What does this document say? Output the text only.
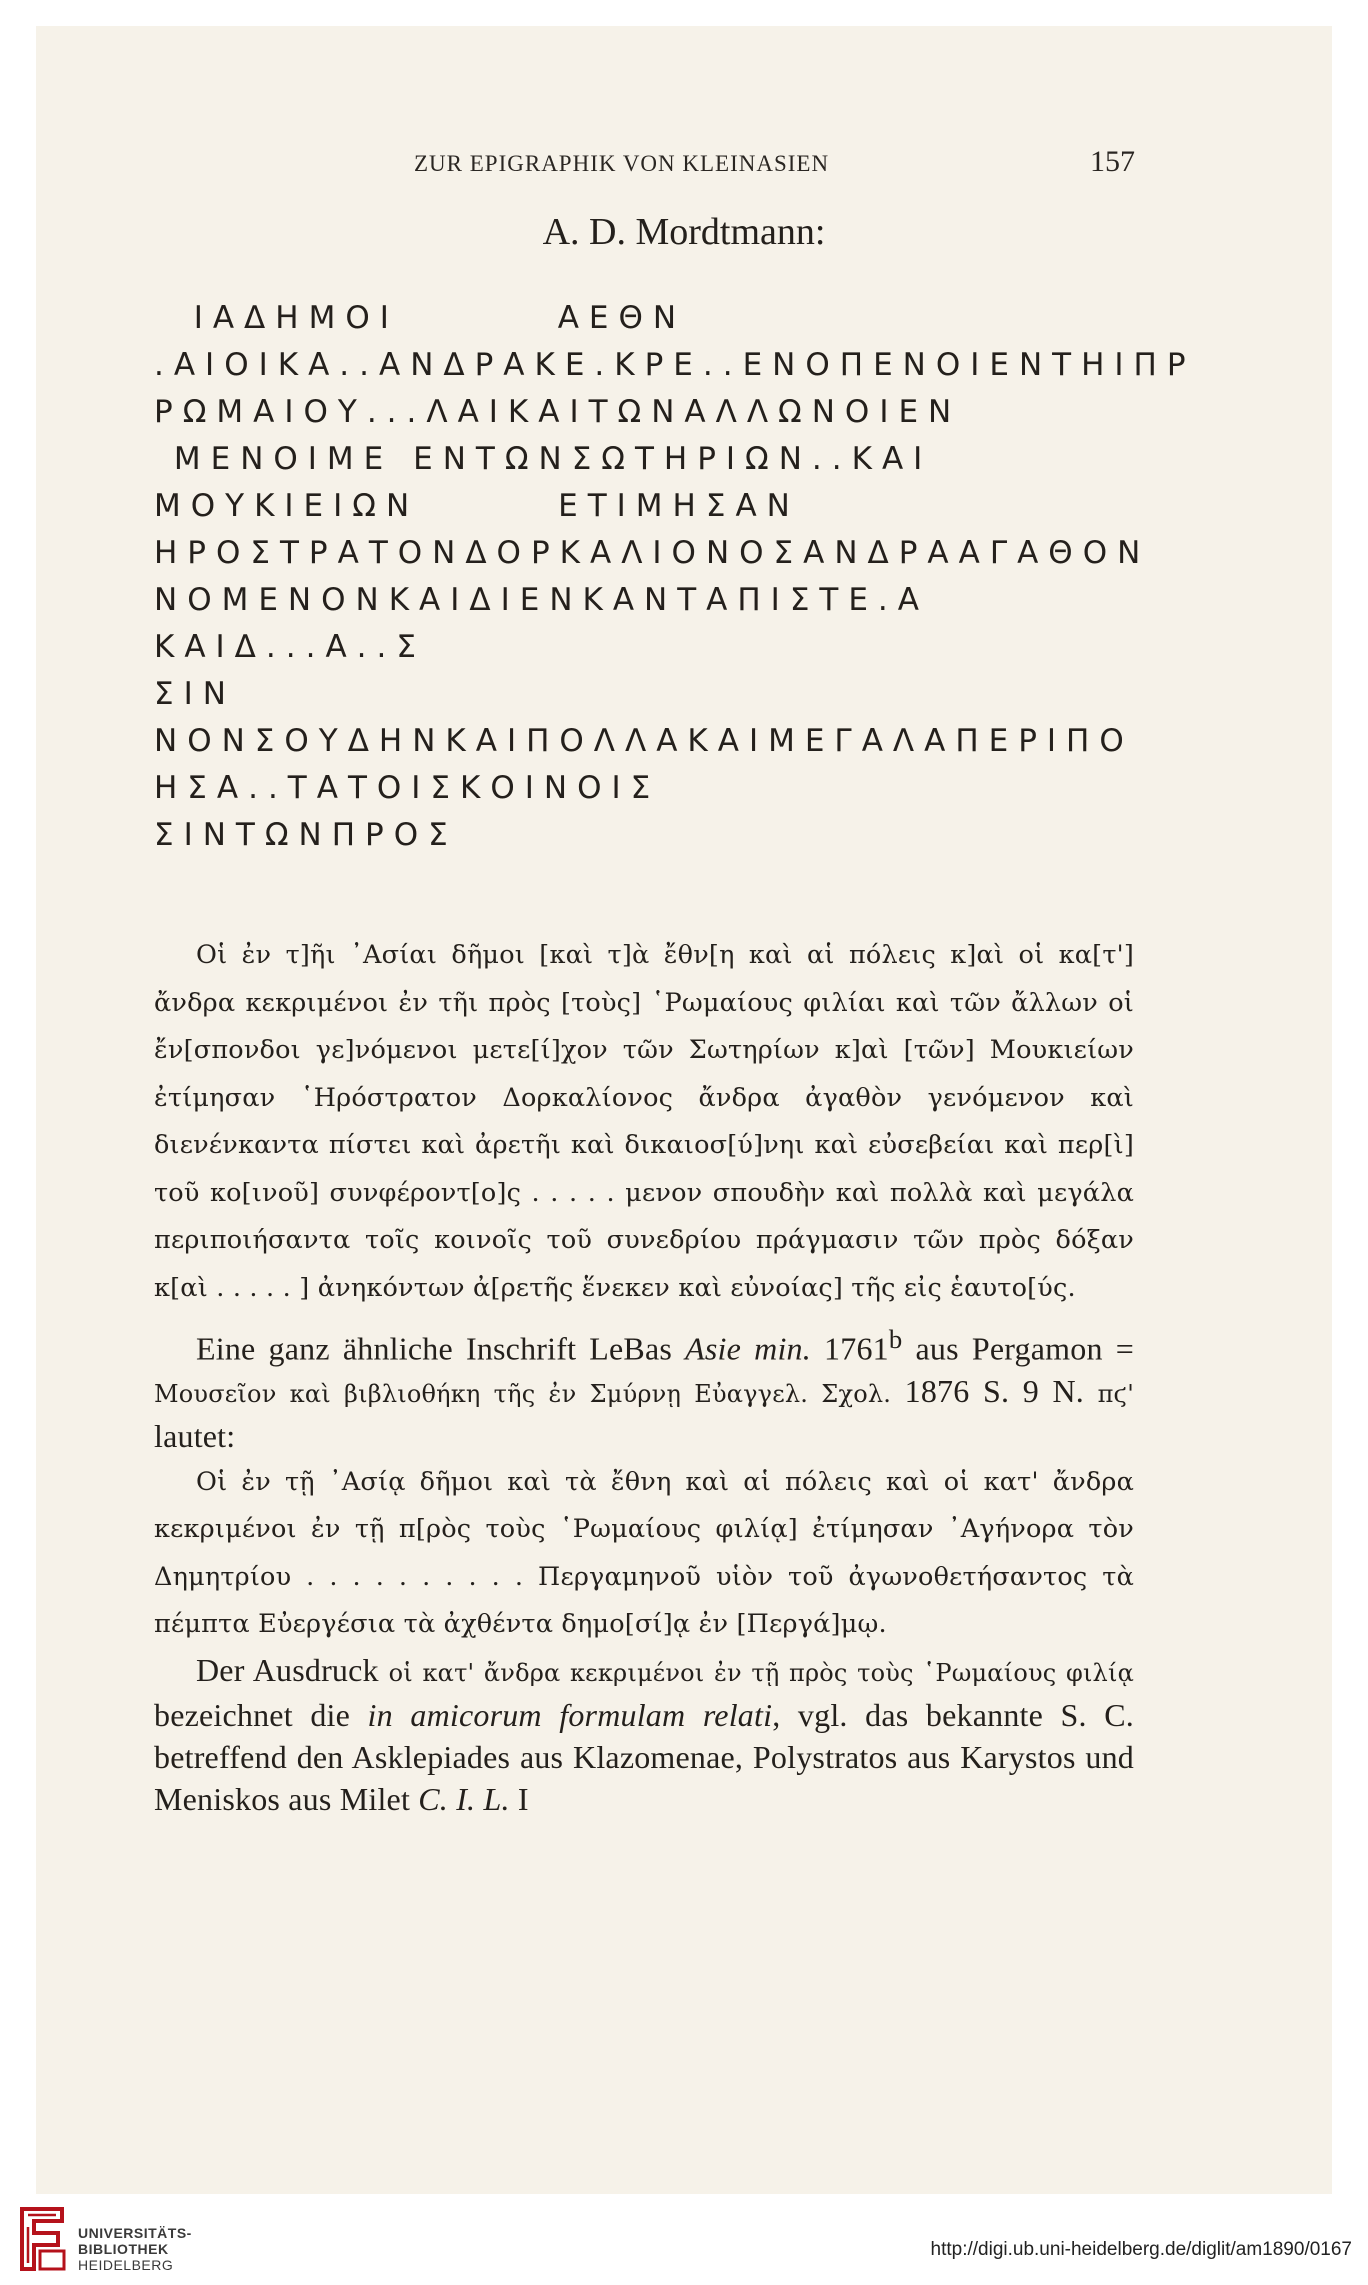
ZUR EPIGRAPHIK VON KLEINASIEN	157
A. D. Mordtmann:
ΙΑΔΗΜΟΙ        ΑΕΘΝ
.ΑΙΟΙΚΑ..ΑΝΔΡΑΚΕ.ΚΡΕ..ΕΝΟΠΕΝΟΙΕΝΤΗΙΠΡ
ΡΩΜΑΙΟΥ...ΛΑΙΚΑΙΤΩΝΑΛΛΩΝΟΙΕΝ
ΜΕΝΟΙΜΕ ΕΝΤΩΝΣΩΤΗΡΙΩΝ..ΚΑΙ
ΜΟΥΚΙΕΙΩΝ       ΕΤΙΜΗΣΑΝ
ΗΡΟΣΤΡΑΤΟΝΔΟΡΚΑΛΙΟΝΟΣΑΝΔΡΑΑΓΑΘΟΝ
ΝΟΜΕΝΟΝΚΑΙΔΙΕΝΚΑΝΤΑΠΙΣΤΕ.Α
ΚΑΙΔ...Α..Σ
ΣΙΝ
ΝΟΝΣΟΥΔΗΝΚΑΙΠΟΛΛΑΚΑΙΜΕΓΑΛΑΠΕΡΙΠΟ
ΗΣΑ..ΤΑΤΟΙΣΚΟΙΝΟΙΣ
ΣΙΝΤΩΝΠΡΟΣ

Οἱ ἐν τ]ῆι ᾿Ασίαι δῆμοι [καὶ τ]ὰ ἔθν[η καὶ αἱ πόλεις κ]αὶ οἱ κα[τ'] ἄνδρα κεκριμένοι ἐν τῆι πρὸς [τοὺς] ῾Ρωμαίους φιλίαι καὶ τῶν ἄλλων οἱ ἔν[σπονδοι γε]νόμενοι μετε[ί]χον τῶν Σωτηρίων κ]αὶ [τῶν] Μουκιείων ἐτίμησαν ῾Ηρόστρατον Δορκαλίονος ἄνδρα ἀγαθὸν γενόμενον καὶ διενένκαντα πίστει καὶ ἀρετῆι καὶ δικαιοσ[ύ]νηι καὶ εὐσεβείαι καὶ περ[ὶ] τοῦ κο[ινοῦ] συνφέροντ[ο]ς . . . . . μενον σπουδὴν καὶ πολλὰ καὶ μεγάλα περιποιήσαντα τοῖς κοινοῖς τοῦ συνεδρίου πράγμασιν τῶν πρὸς δόξαν κ[αὶ . . . . . ] ἀνηκόντων ἀ[ρετῆς ἕνεκεν καὶ εὐνοίας] τῆς εἰς ἑαυτο[ύς.

Eine ganz ähnliche Inschrift LeBas Asie min. 1761$^b$ aus Pergamon = Μουσεῖον καὶ βιβλιοθήκη τῆς ἐν Σμύρνῃ Εὐαγγελ. Σχολ. 1876 S. 9 N. πϛ' lautet:

Οἱ ἐν τῇ ᾿Ασίᾳ δῆμοι καὶ τὰ ἔθνη καὶ αἱ πόλεις καὶ οἱ κατ' ἄνδρα κεκριμένοι ἐν τῇ π[ρὸς τοὺς ῾Ρωμαίους φιλίᾳ] ἐτίμησαν ᾿Αγήνορα τὸν Δημητρίου . . . . . . . . . . Περγαμηνοῦ υἱὸν τοῦ ἀγωνοθετήσαντος τὰ πέμπτα Εὐεργέσια τὰ ἀχθέντα δημο[σί]ᾳ ἐν [Περγά]μῳ.

Der Ausdruck οἱ κατ' ἄνδρα κεκριμένοι ἐν τῇ πρὸς τοὺς ῾Ρωμαίους φιλίᾳ bezeichnet die in amicorum formulam relati, vgl. das bekannte S. C. betreffend den Asklepiades aus Klazomenae, Polystratos aus Karystos und Meniskos aus Milet C. I. L. I

UNIVERSITÄTS-
BIBLIOTHEK
HEIDELBERG
http://digi.ub.uni-heidelberg.de/diglit/am1890/0167
